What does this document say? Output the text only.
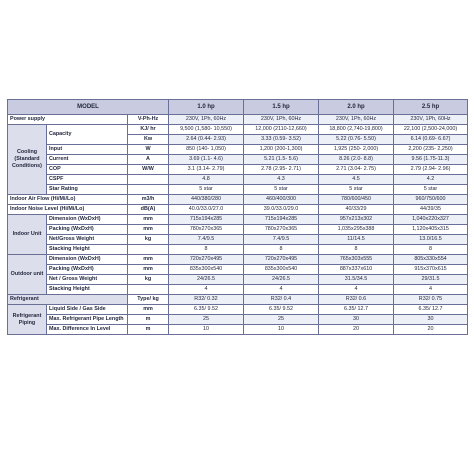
MODEL			1.0 hp	1.5 hp	2.0 hp	2.5 hp
Power supply		V-Ph-Hz	230V, 1Ph, 60Hz	230V, 1Ph, 60Hz	230V, 1Ph, 60Hz	230V, 1Ph, 60Hz
Cooling (Standard Conditions)	Capacity	KJ/ hr	9,500 (1,580- 10,550)	12,000 (2110-12,660)	18,800 (2,740-19,800)	22,100 (2,500-24,000)
		Kw	2.64 (0.44- 2.93)	3.33 (0.59- 3.52)	5.22 (0.76- 5.50)	6.14 (0.69- 6.67)
	Input	W	850 (140- 1,050)	1,200 (200-1,300)	1,925 (250- 2,000)	2,200 (235- 2,250)
	Current	A	3.69 (1.1- 4.6)	5.21 (1.5- 5.6)	8.26 (2.0- 8.8)	9.56 (1.75-11.3)
	COP	W/W	3.1 (3.14- 2.79)	2.78 (2.95- 2.71)	2.71 (3.04- 2.75)	2.79 (2.94- 2.96)
	CSPF		4.8	4.3	4.5	4.2
	Star Rating		5 star	5 star	5 star	5 star
Indoor Air Flow (Hi/Mi/Lo)		m3/h	440/380/280	460/400/300	780/600/450	960/750/600
Indoor Noise Level (Hi/Mi/Lo)		dB(A)	40.0/33.0/27.0	39.0/33.0/29.0	40/33/29	44/39/35
Indoor Unit	Dimension (WxDxH)	mm	715x194x285	715x194x285	957x213x302	1,040x220x327
	Packing (WxDxH)	mm	780x270x365	780x270x365	1,035x295x388	1,120x405x315
	Net/Gross Weight	kg	7.4/9.5	7.4/9.5	11/14.5	13.0/16.5
	Stacking Height		8	8	8	8
Outdoor unit	Dimension (WxDxH)	mm	720x270x495	720x270x495	765x303x555	805x330x554
	Packing (WxDxH)	mm	835x300x540	835x300x540	887x337x610	915x370x615
	Net / Gross Weight	kg	24/26.5	24/26.5	31.5/34.5	29/31.5
	Stacking Height		4	4	4	4
Refrigerant		Type/ kg	R32/ 0.32	R32/ 0.4	R32/ 0.6	R32/ 0.75
Refrigerant Piping	Liquid Side / Gas Side	mm	6.35/ 9.52	6.35/ 9.52	6.35/ 12.7	6.35/ 12.7
	Max. Refrigerant Pipe Length	m	25	25	30	30
	Max. Difference In Level	m	10	10	20	20
